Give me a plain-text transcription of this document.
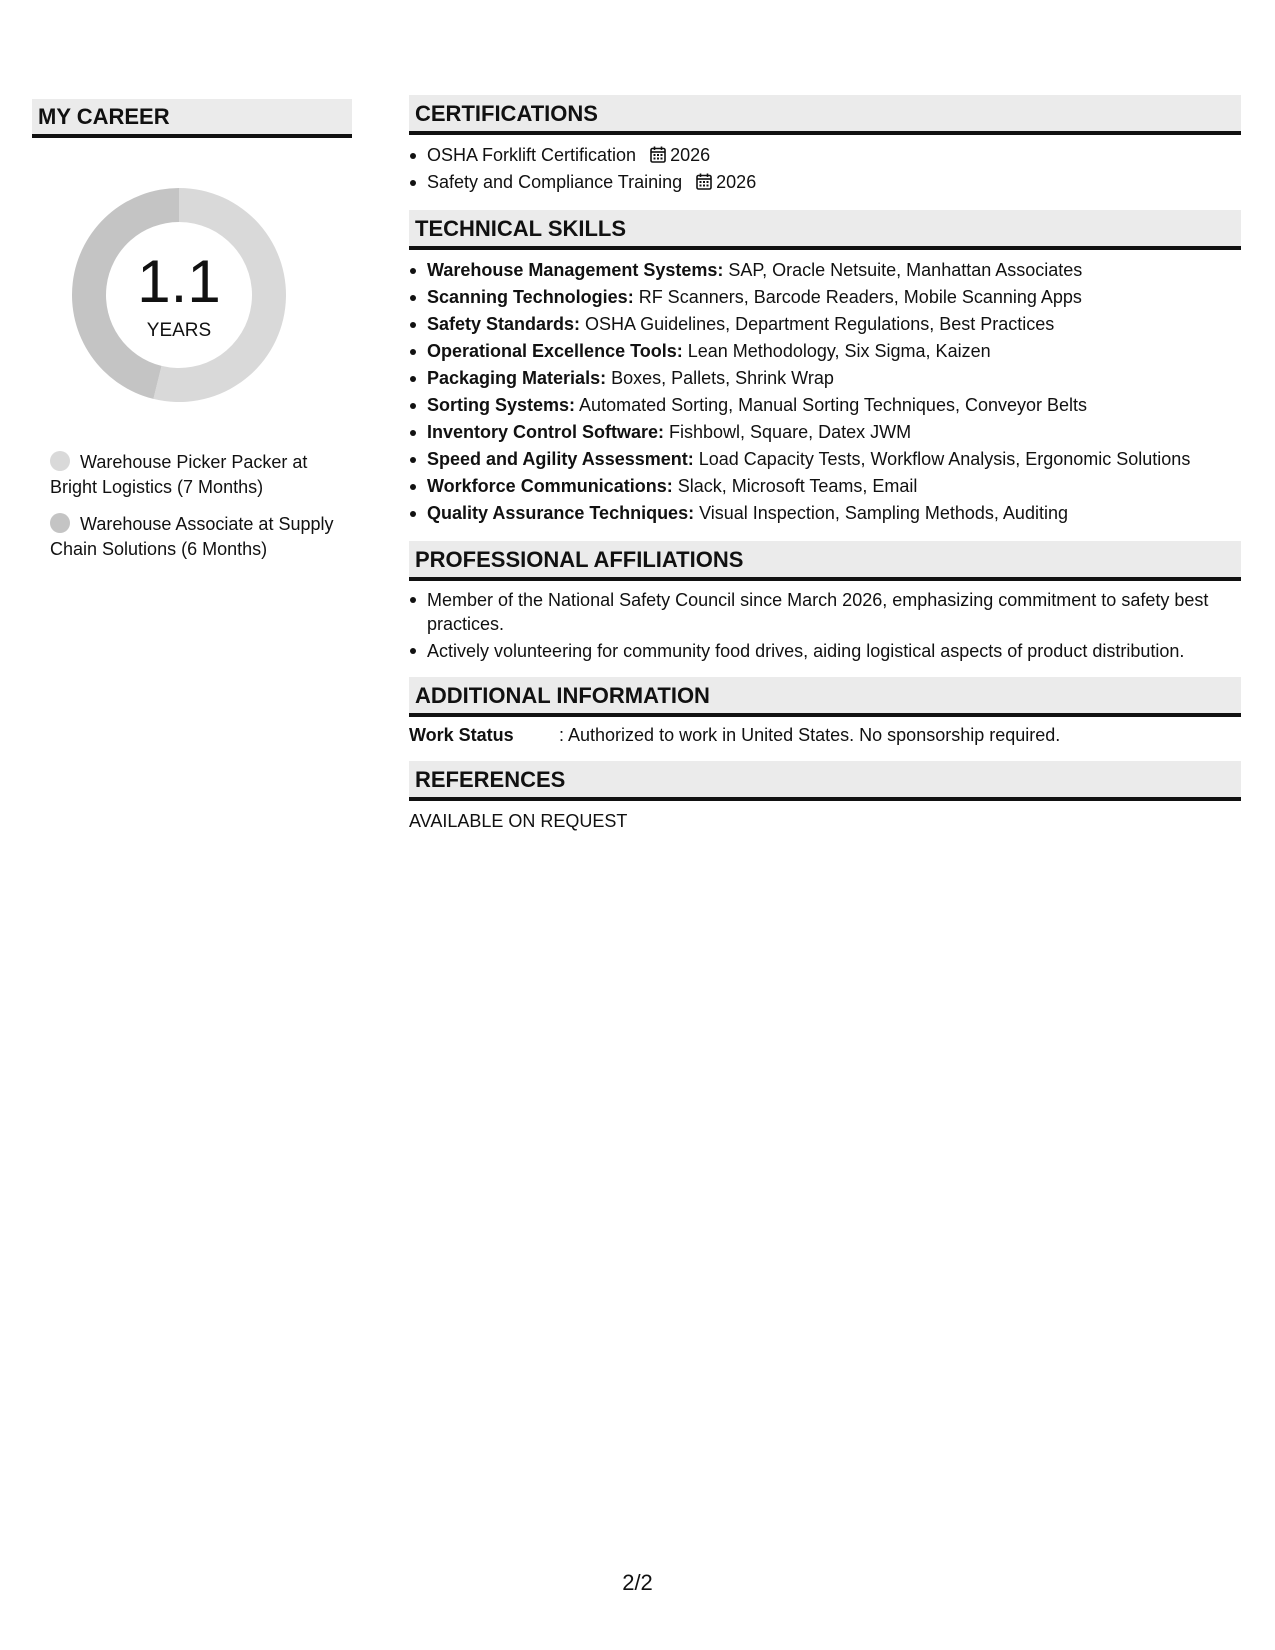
MY CAREER
1.1
YEARS
Warehouse Picker Packer at Bright Logistics (7 Months)
Warehouse Associate at Supply Chain Solutions (6 Months)
CERTIFICATIONS
OSHA Forklift Certification 2026
Safety and Compliance Training 2026
TECHNICAL SKILLS
Warehouse Management Systems: SAP, Oracle Netsuite, Manhattan Associates
Scanning Technologies: RF Scanners, Barcode Readers, Mobile Scanning Apps
Safety Standards: OSHA Guidelines, Department Regulations, Best Practices
Operational Excellence Tools: Lean Methodology, Six Sigma, Kaizen
Packaging Materials: Boxes, Pallets, Shrink Wrap
Sorting Systems: Automated Sorting, Manual Sorting Techniques, Conveyor Belts
Inventory Control Software: Fishbowl, Square, Datex JWM
Speed and Agility Assessment: Load Capacity Tests, Workflow Analysis, Ergonomic Solutions
Workforce Communications: Slack, Microsoft Teams, Email
Quality Assurance Techniques: Visual Inspection, Sampling Methods, Auditing
PROFESSIONAL AFFILIATIONS
Member of the National Safety Council since March 2026, emphasizing commitment to safety best practices.
Actively volunteering for community food drives, aiding logistical aspects of product distribution.
ADDITIONAL INFORMATION
Work Status	: Authorized to work in United States. No sponsorship required.
REFERENCES
AVAILABLE ON REQUEST
2/2
